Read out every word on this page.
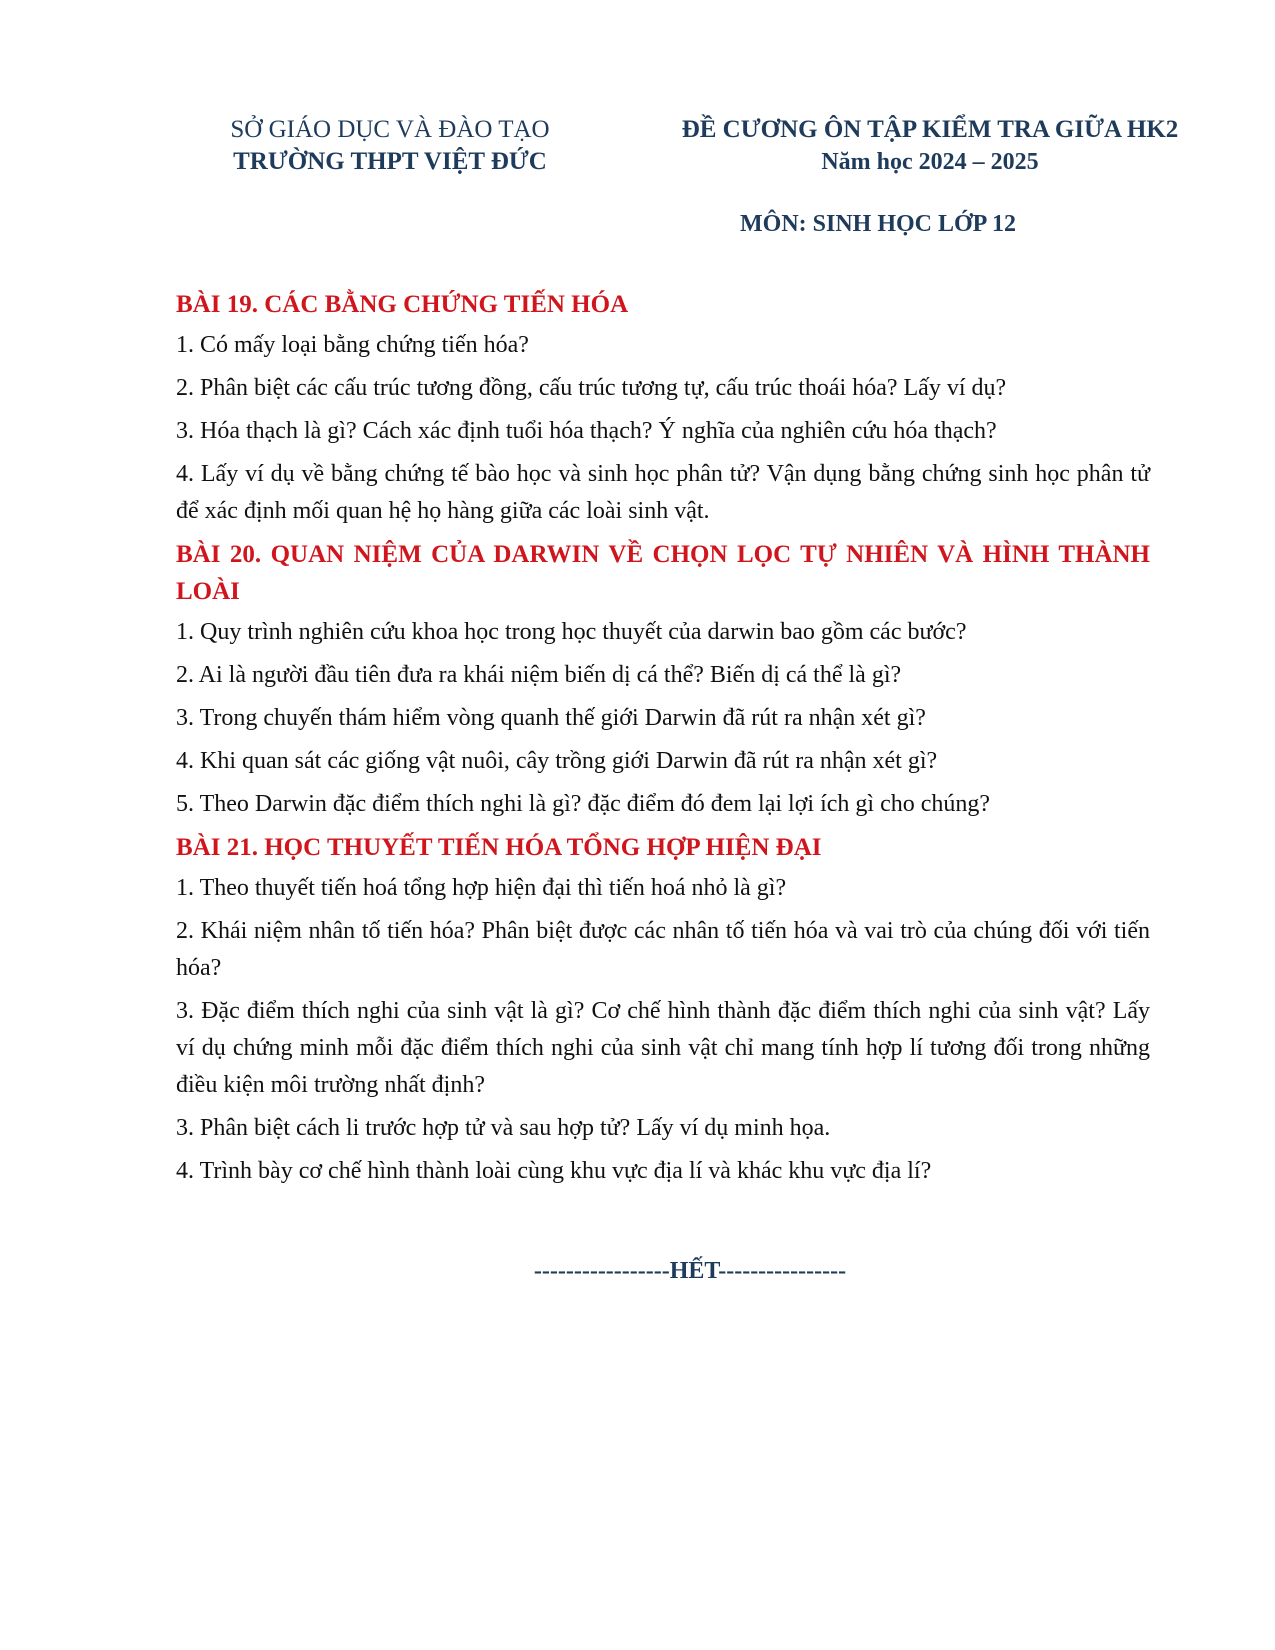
SỞ GIÁO DỤC VÀ ĐÀO TẠO
TRƯỜNG THPT VIỆT ĐỨC
ĐỀ CƯƠNG ÔN TẬP KIỂM TRA GIỮA HK2
Năm học 2024 – 2025
MÔN: SINH HỌC LỚP 12
BÀI 19. CÁC BẰNG CHỨNG TIẾN HÓA
1. Có mấy loại bằng chứng tiến hóa?
2. Phân biệt các cấu trúc tương đồng, cấu trúc tương tự, cấu trúc thoái hóa? Lấy ví dụ?
3. Hóa thạch là gì? Cách xác định tuổi hóa thạch? Ý nghĩa của nghiên cứu hóa thạch?
4. Lấy ví dụ về bằng chứng tế bào học và sinh học phân tử? Vận dụng bằng chứng sinh học phân tử để xác định mối quan hệ họ hàng giữa các loài sinh vật.
BÀI 20. QUAN NIỆM CỦA DARWIN VỀ CHỌN LỌC TỰ NHIÊN VÀ HÌNH THÀNH LOÀI
1. Quy trình nghiên cứu khoa học trong học thuyết của darwin bao gồm các bước?
2. Ai là người đầu tiên đưa ra khái niệm biến dị cá thể? Biến dị cá thể là gì?
3. Trong chuyến thám hiểm vòng quanh thế giới Darwin đã rút ra nhận xét gì?
4. Khi quan sát các giống vật nuôi, cây trồng giới Darwin đã rút ra nhận xét gì?
5. Theo Darwin đặc điểm thích nghi là gì? đặc điểm đó đem lại lợi ích gì cho chúng?
BÀI 21. HỌC THUYẾT TIẾN HÓA TỔNG HỢP HIỆN ĐẠI
1. Theo thuyết tiến hoá tổng hợp hiện đại thì tiến hoá nhỏ là gì?
2. Khái niệm nhân tố tiến hóa? Phân biệt được các nhân tố tiến hóa và vai trò của chúng đối với tiến hóa?
3. Đặc điểm thích nghi của sinh vật là gì? Cơ chế hình thành đặc điểm thích nghi của sinh vật? Lấy ví dụ chứng minh mỗi đặc điểm thích nghi của sinh vật chỉ mang tính hợp lí tương đối trong những điều kiện môi trường nhất định?
3. Phân biệt cách li trước hợp tử và sau hợp tử? Lấy ví dụ minh họa.
4. Trình bày cơ chế hình thành loài cùng khu vực địa lí và khác khu vực địa lí?
-----------------HẾT----------------
